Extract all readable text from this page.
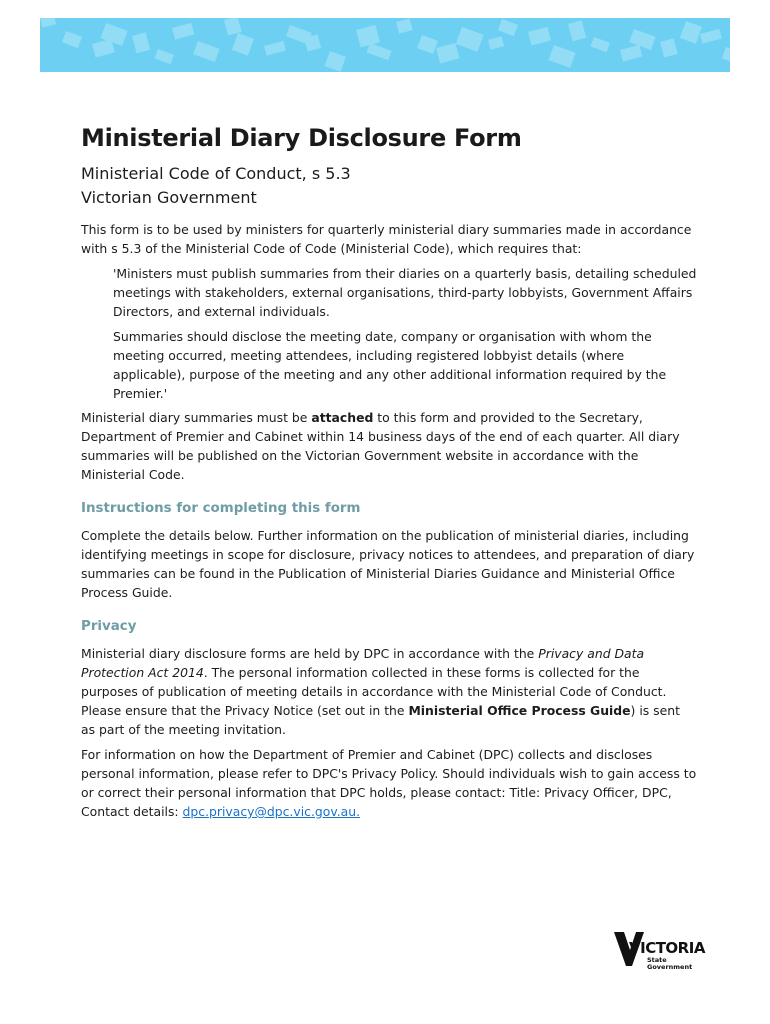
Ministerial Diary Disclosure Form
Ministerial Code of Conduct, s 5.3
Victorian Government

This form is to be used by ministers for quarterly ministerial diary summaries made in accordance with s 5.3 of the Ministerial Code of Code (Ministerial Code), which requires that:

'Ministers must publish summaries from their diaries on a quarterly basis, detailing scheduled meetings with stakeholders, external organisations, third-party lobbyists, Government Affairs Directors, and external individuals.

Summaries should disclose the meeting date, company or organisation with whom the meeting occurred, meeting attendees, including registered lobbyist details (where applicable), purpose of the meeting and any other additional information required by the Premier.'

Ministerial diary summaries must be attached to this form and provided to the Secretary, Department of Premier and Cabinet within 14 business days of the end of each quarter. All diary summaries will be published on the Victorian Government website in accordance with the Ministerial Code.

Instructions for completing this form

Complete the details below. Further information on the publication of ministerial diaries, including identifying meetings in scope for disclosure, privacy notices to attendees, and preparation of diary summaries can be found in the Publication of Ministerial Diaries Guidance and Ministerial Office Process Guide.

Privacy

Ministerial diary disclosure forms are held by DPC in accordance with the Privacy and Data Protection Act 2014. The personal information collected in these forms is collected for the purposes of publication of meeting details in accordance with the Ministerial Code of Conduct. Please ensure that the Privacy Notice (set out in the Ministerial Office Process Guide) is sent as part of the meeting invitation.

For information on how the Department of Premier and Cabinet (DPC) collects and discloses personal information, please refer to DPC's Privacy Policy. Should individuals wish to gain access to or correct their personal information that DPC holds, please contact: Title: Privacy Officer, DPC, Contact details: dpc.privacy@dpc.vic.gov.au.

VICTORIA
State
Government
